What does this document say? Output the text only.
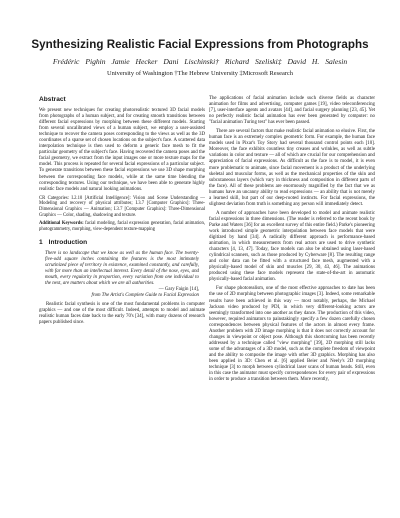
Synthesizing Realistic Facial Expressions from Photographs
Frédéric Pighin Jamie Hecker Dani Lischinski† Richard Szeliski‡ David H. Salesin
University of Washington †The Hebrew University ‡Microsoft Research
Abstract

We present new techniques for creating photorealistic textured 3D facial models from photographs of a human subject, and for creating smooth transitions between different facial expressions by morphing between these different models. Starting from several uncalibrated views of a human subject, we employ a user-assisted technique to recover the camera poses corresponding to the views as well as the 3D coordinates of a sparse set of chosen locations on the subject's face. A scattered data interpolation technique is then used to deform a generic face mesh to fit the particular geometry of the subject's face. Having recovered the camera poses and the facial geometry, we extract from the input images one or more texture maps for the model. This process is repeated for several facial expressions of a particular subject. To generate transitions between these facial expressions we use 3D shape morphing between the corresponding face models, while at the same time blending the corresponding textures. Using our technique, we have been able to generate highly realistic face models and natural looking animations.

CR Categories: I.2.10 [Artificial Intelligence]: Vision and Scene Understanding — Modeling and recovery of physical attributes; I.3.7 [Computer Graphics]: Three-Dimensional Graphics — Animation; I.3.7 [Computer Graphics]: Three-Dimensional Graphics — Color, shading, shadowing and texture.

Additional Keywords: facial modeling, facial expression generation, facial animation, photogrammetry, morphing, view-dependent texture-mapping

1 Introduction

There is no landscape that we know as well as the human face. The twenty-five-odd square inches containing the features is the most intimately scrutinized piece of territory in existence, examined constantly, and carefully, with far more than an intellectual interest. Every detail of the nose, eyes, and mouth, every regularity in proportion, every variation from one individual to the next, are matters about which we are all authorities.

— Gary Faigin [14],
from The Artist's Complete Guide to Facial Expression

Realistic facial synthesis is one of the most fundamental problems in computer graphics — and one of the most difficult. Indeed, attempts to model and animate realistic human faces date back to the early 70's [34], with many dozens of research papers published since.

The applications of facial animation include such diverse fields as character animation for films and advertising, computer games [19], video teleconferencing [7], user-interface agents and avatars [44], and facial surgery planning [23, 45]. Yet no perfectly realistic facial animation has ever been generated by computer: no "facial animation Turing test" has ever been passed.

There are several factors that make realistic facial animation so elusive. First, the human face is an extremely complex geometric form. For example, the human face models used in Pixar's Toy Story had several thousand control points each [10]. Moreover, the face exhibits countless tiny creases and wrinkles, as well as subtle variations in color and texture — all of which are crucial for our comprehension and appreciation of facial expressions. As difficult as the face is to model, it is even more problematic to animate, since facial movement is a product of the underlying skeletal and muscular forms, as well as the mechanical properties of the skin and subcutaneous layers (which vary in thickness and composition in different parts of the face). All of these problems are enormously magnified by the fact that we as humans have an uncanny ability to read expressions — an ability that is not merely a learned skill, but part of our deep-rooted instincts. For facial expressions, the slightest deviation from truth is something any person will immediately detect.

A number of approaches have been developed to model and animate realistic facial expressions in three dimensions. (The reader is referred to the recent book by Parke and Waters [36] for an excellent survey of this entire field.) Parke's pioneering work introduced simple geometric interpolation between face models that were digitized by hand [34]. A radically different approach is performance-based animation, in which measurements from real actors are used to drive synthetic characters [4, 13, 47]. Today, face models can also be obtained using laser-based cylindrical scanners, such as those produced by Cyberware [8]. The resulting range and color data can be fitted with a structured face mesh, augmented with a physically-based model of skin and muscles [29, 30, 43, 46]. The animations produced using these face models represent the state-of-the-art in automatic physically-based facial animation.

For shape photorealism, one of the most effective approaches to date has been the use of 2D morphing between photographic images [3]. Indeed, some remarkable results have been achieved in this way — most notably, perhaps, the Michael Jackson video produced by PDI, in which very different-looking actors are seemingly transformed into one another as they dance. The production of this video, however, required animators to painstakingly specify a few dozen carefully chosen correspondences between physical features of the actors in almost every frame. Another problem with 2D image morphing is that it does not correctly account for changes in viewpoint or object pose. Although this shortcoming has been recently addressed by a technique called "view morphing" [39], 2D morphing still lacks some of the advantages of a 3D model, such as the complete freedom of viewpoint and the ability to composite the image with other 3D graphics. Morphing has also been applied in 3D: Chen et al. [6] applied Beier and Neely's 2D morphing technique [3] to morph between cylindrical laser scans of human heads. Still, even in this case the animator must specify correspondences for every pair of expressions in order to produce a transition between them. More recently,
